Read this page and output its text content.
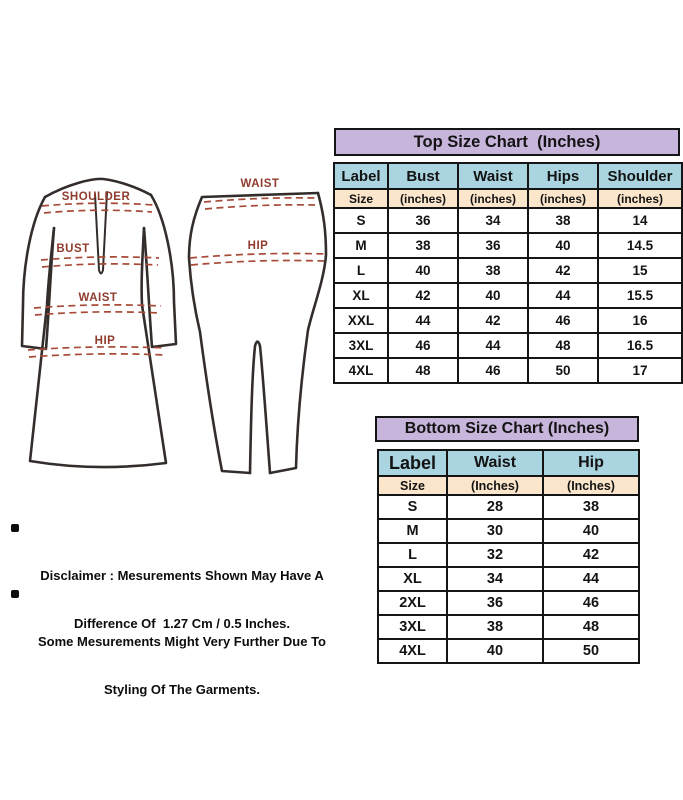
SHOULDER
BUST
WAIST
HIP
WAIST
HIP
Top Size Chart  (Inches)
Label	Bust	Waist	Hips	Shoulder
Size	(inches)	(inches)	(inches)	(inches)
S	36	34	38	14
M	38	36	40	14.5
L	40	38	42	15
XL	42	40	44	15.5
XXL	44	42	46	16
3XL	46	44	48	16.5
4XL	48	46	50	17
Bottom Size Chart (Inches)
Label	Waist	Hip
Size	(Inches)	(Inches)
S	28	38
M	30	40
L	32	42
XL	34	44
2XL	36	46
3XL	38	48
4XL	40	50

Disclaimer : Mesurements Shown May Have A

Difference Of  1.27 Cm / 0.5 Inches.

Some Mesurements Might Very Further Due To

Styling Of The Garments.
